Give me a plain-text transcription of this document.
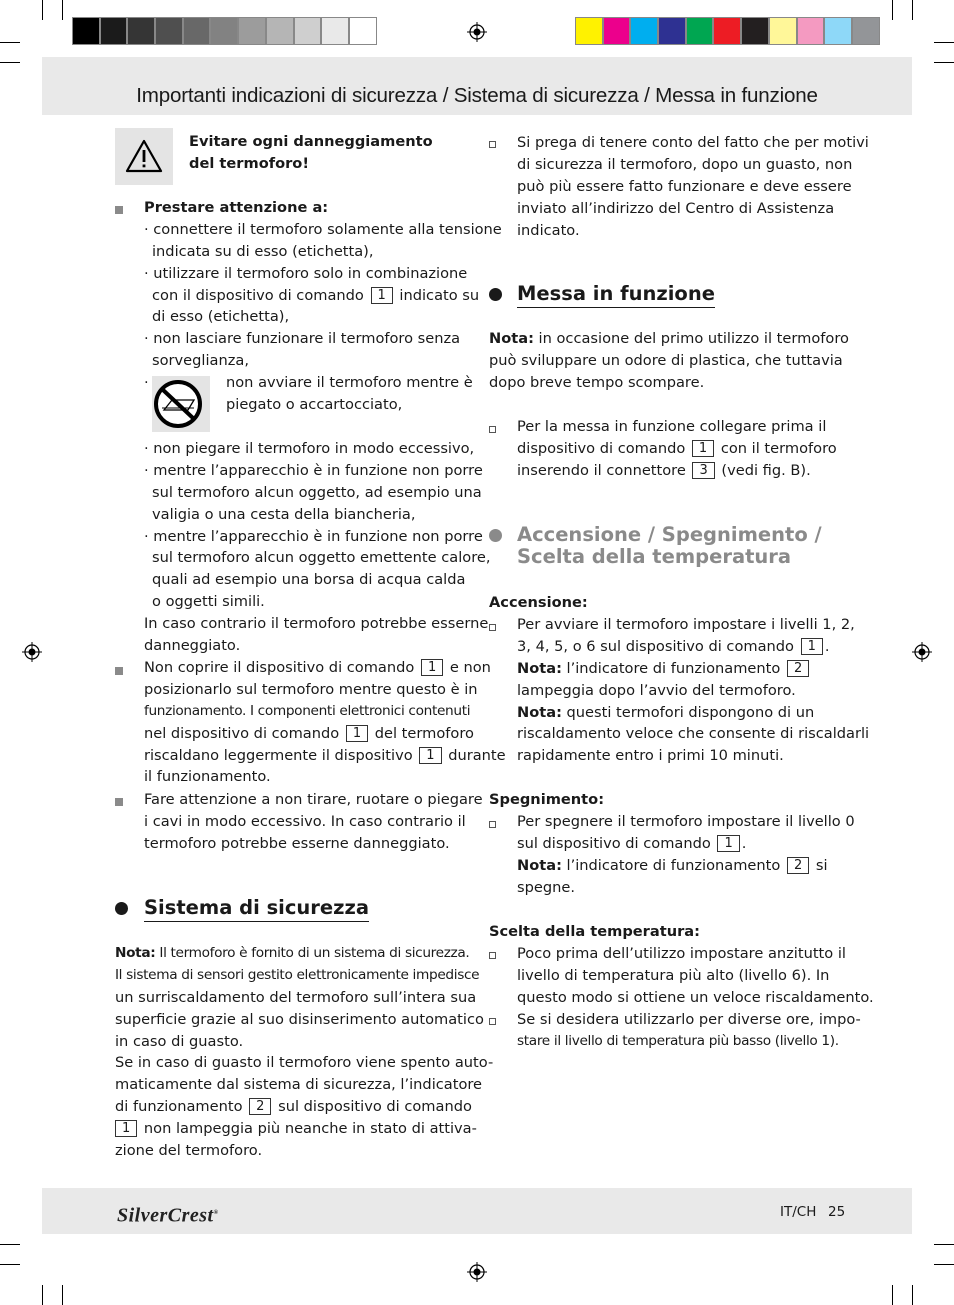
Importanti indicazioni di sicurezza / Sistema di sicurezza / Messa in funzione
Evitare ogni danneggiamento
del termoforo!
Prestare attenzione a:
· connettere il termoforo solamente alla tensione
indicata su di esso (etichetta),
· utilizzare il termoforo solo in combinazione
con il dispositivo di comando 1 indicato su
di esso (etichetta),
· non lasciare funzionare il termoforo senza
sorveglianza,
·	non avviare il termoforo mentre è
piegato o accartocciato,
· non piegare il termoforo in modo eccessivo,
· mentre l’apparecchio è in funzione non porre
sul termoforo alcun oggetto, ad esempio una
valigia o una cesta della biancheria,
· mentre l’apparecchio è in funzione non porre
sul termoforo alcun oggetto emettente calore,
quali ad esempio una borsa di acqua calda
o oggetti simili.
In caso contrario il termoforo potrebbe esserne
danneggiato.
Non coprire il dispositivo di comando 1 e non
posizionarlo sul termoforo mentre questo è in
funzionamento. I componenti elettronici contenuti
nel dispositivo di comando 1 del termoforo
riscaldano leggermente il dispositivo 1 durante
il funzionamento.
Fare attenzione a non tirare, ruotare o piegare
i cavi in modo eccessivo. In caso contrario il
termoforo potrebbe esserne danneggiato.
Sistema di sicurezza
Nota: Il termoforo è fornito di un sistema di sicurezza.
Il sistema di sensori gestito elettronicamente impedisce
un surriscaldamento del termoforo sull’intera sua
superficie grazie al suo disinserimento automatico
in caso di guasto.
Se in caso di guasto il termoforo viene spento auto-
maticamente dal sistema di sicurezza, l’indicatore
di funzionamento 2 sul dispositivo di comando
1 non lampeggia più neanche in stato di attiva-
zione del termoforo.
Si prega di tenere conto del fatto che per motivi
di sicurezza il termoforo, dopo un guasto, non
può più essere fatto funzionare e deve essere
inviato all’indirizzo del Centro di Assistenza
indicato.
Messa in funzione
Nota: in occasione del primo utilizzo il termoforo
può sviluppare un odore di plastica, che tuttavia
dopo breve tempo scompare.
Per la messa in funzione collegare prima il
dispositivo di comando 1 con il termoforo
inserendo il connettore 3 (vedi fig. B).
Accensione / Spegnimento /
Scelta della temperatura
Accensione:
Per avviare il termoforo impostare i livelli 1, 2,
3, 4, 5, o 6 sul dispositivo di comando 1 .
Nota: l’indicatore di funzionamento 2
lampeggia dopo l’avvio del termoforo.
Nota: questi termofori dispongono di un
riscaldamento veloce che consente di riscaldarli
rapidamente entro i primi 10 minuti.
Spegnimento:
Per spegnere il termoforo impostare il livello 0
sul dispositivo di comando 1 .
Nota: l’indicatore di funzionamento 2 si
spegne.
Scelta della temperatura:
Poco prima dell’utilizzo impostare anzitutto il
livello di temperatura più alto (livello 6). In
questo modo si ottiene un veloce riscaldamento.
Se si desidera utilizzarlo per diverse ore, impo-
stare il livello di temperatura più basso (livello 1).
SilverCrest®	IT/CH 25
